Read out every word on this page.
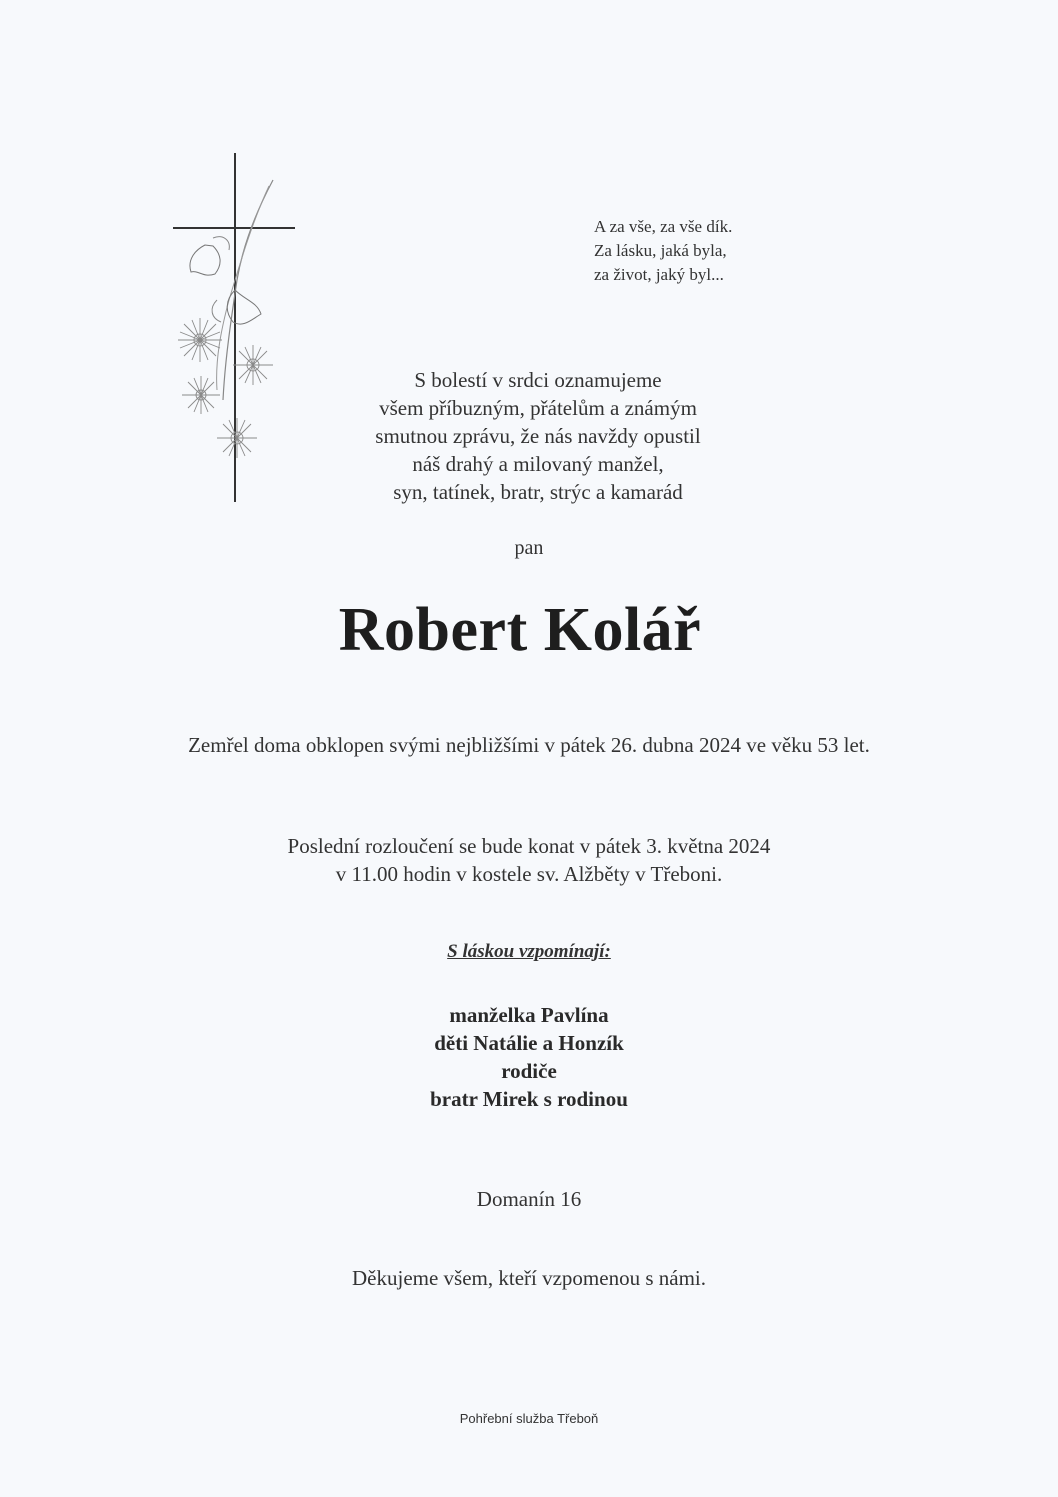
A za vše, za vše dík.
Za lásku, jaká byla,
za život, jaký byl...
S bolestí v srdci oznamujeme
všem příbuzným, přátelům a známým
smutnou zprávu, že nás navždy opustil
náš drahý a milovaný manžel,
syn, tatínek, bratr, strýc a kamarád
pan
Robert Kolář
Zemřel doma obklopen svými nejbližšími v pátek 26. dubna 2024 ve věku 53 let.
Poslední rozloučení se bude konat v pátek 3. května 2024
v 11.00 hodin v kostele sv. Alžběty v Třeboni.
S láskou vzpomínají:
manželka Pavlína
děti Natálie a Honzík
rodiče
bratr Mirek s rodinou
Domanín 16
Děkujeme všem, kteří vzpomenou s námi.
Pohřební služba Třeboň
